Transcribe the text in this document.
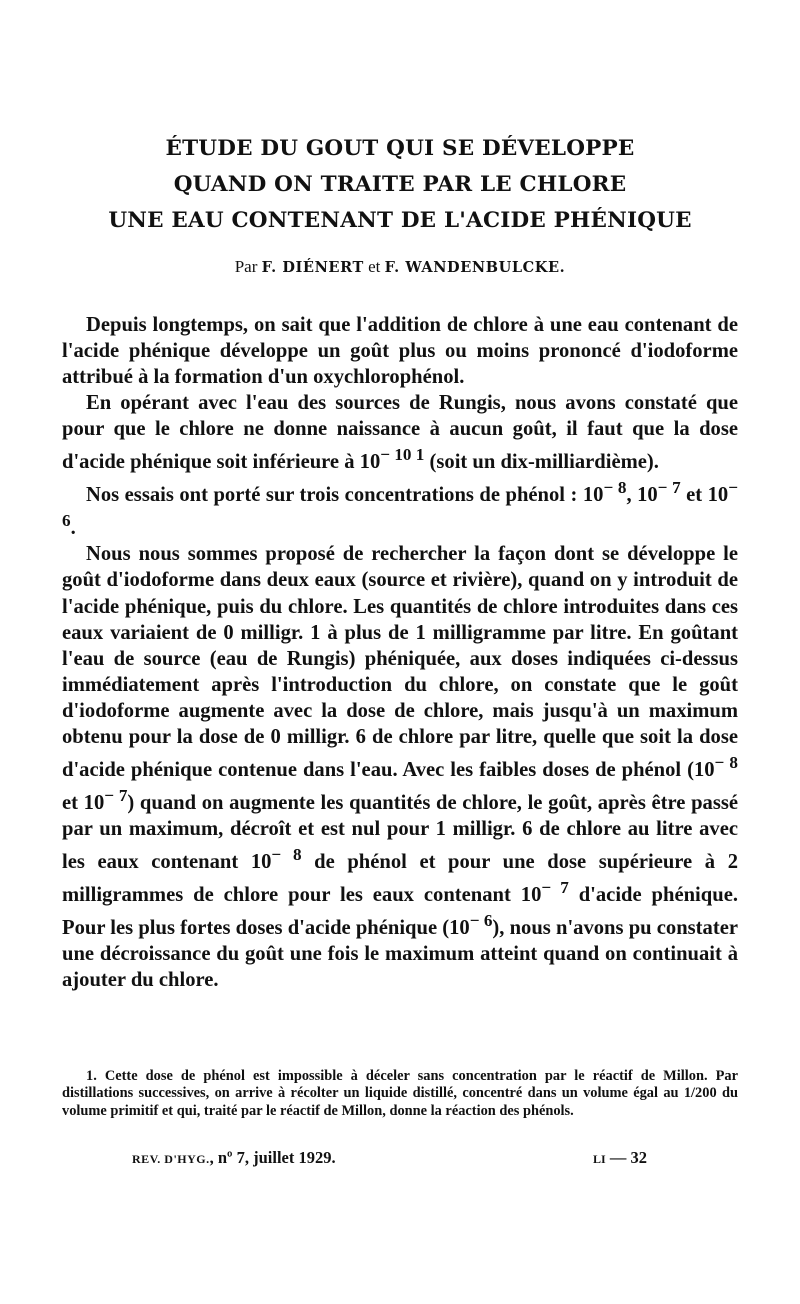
ÉTUDE DU GOUT QUI SE DÉVELOPPE
QUAND ON TRAITE PAR LE CHLORE
UNE EAU CONTENANT DE L'ACIDE PHÉNIQUE
Par F. DIÉNERT et F. WANDENBULCKE.

Depuis longtemps, on sait que l'addition de chlore à une eau contenant de l'acide phénique développe un goût plus ou moins prononcé d'iodoforme attribué à la formation d'un oxychlorophénol.

En opérant avec l'eau des sources de Rungis, nous avons constaté que pour que le chlore ne donne naissance à aucun goût, il faut que la dose d'acide phénique soit inférieure à $10^{- 10 1}$ (soit un dix-milliardième).

Nos essais ont porté sur trois concentrations de phénol : $10^{- 8}$, $10^{- 7}$ et $10^{- 6}$.

Nous nous sommes proposé de rechercher la façon dont se développe le goût d'iodoforme dans deux eaux (source et rivière), quand on y introduit de l'acide phénique, puis du chlore. Les quantités de chlore introduites dans ces eaux variaient de 0 milligr. 1 à plus de 1 milligramme par litre. En goûtant l'eau de source (eau de Rungis) phéniquée, aux doses indiquées ci-dessus immédiatement après l'introduction du chlore, on constate que le goût d'iodoforme augmente avec la dose de chlore, mais jusqu'à un maximum obtenu pour la dose de 0 milligr. 6 de chlore par litre, quelle que soit la dose d'acide phénique contenue dans l'eau. Avec les faibles doses de phénol ($10^{- 8}$ et $10^{- 7}$) quand on augmente les quantités de chlore, le goût, après être passé par un maximum, décroît et est nul pour 1 milligr. 6 de chlore au litre avec les eaux contenant $10^{- 8}$ de phénol et pour une dose supérieure à 2 milligrammes de chlore pour les eaux contenant $10^{- 7}$ d'acide phénique. Pour les plus fortes doses d'acide phénique $(10^{- 6})$, nous n'avons pu constater une décroissance du goût une fois le maximum atteint quand on continuait à ajouter du chlore.

1. Cette dose de phénol est impossible à déceler sans concentration par le réactif de Millon. Par distillations successives, on arrive à récolter un liquide distillé, concentré dans un volume égal au 1/200 du volume primitif et qui, traité par le réactif de Millon, donne la réaction des phénols.

REV. D'HYG., nº 7, juillet 1929.	LI — 32
